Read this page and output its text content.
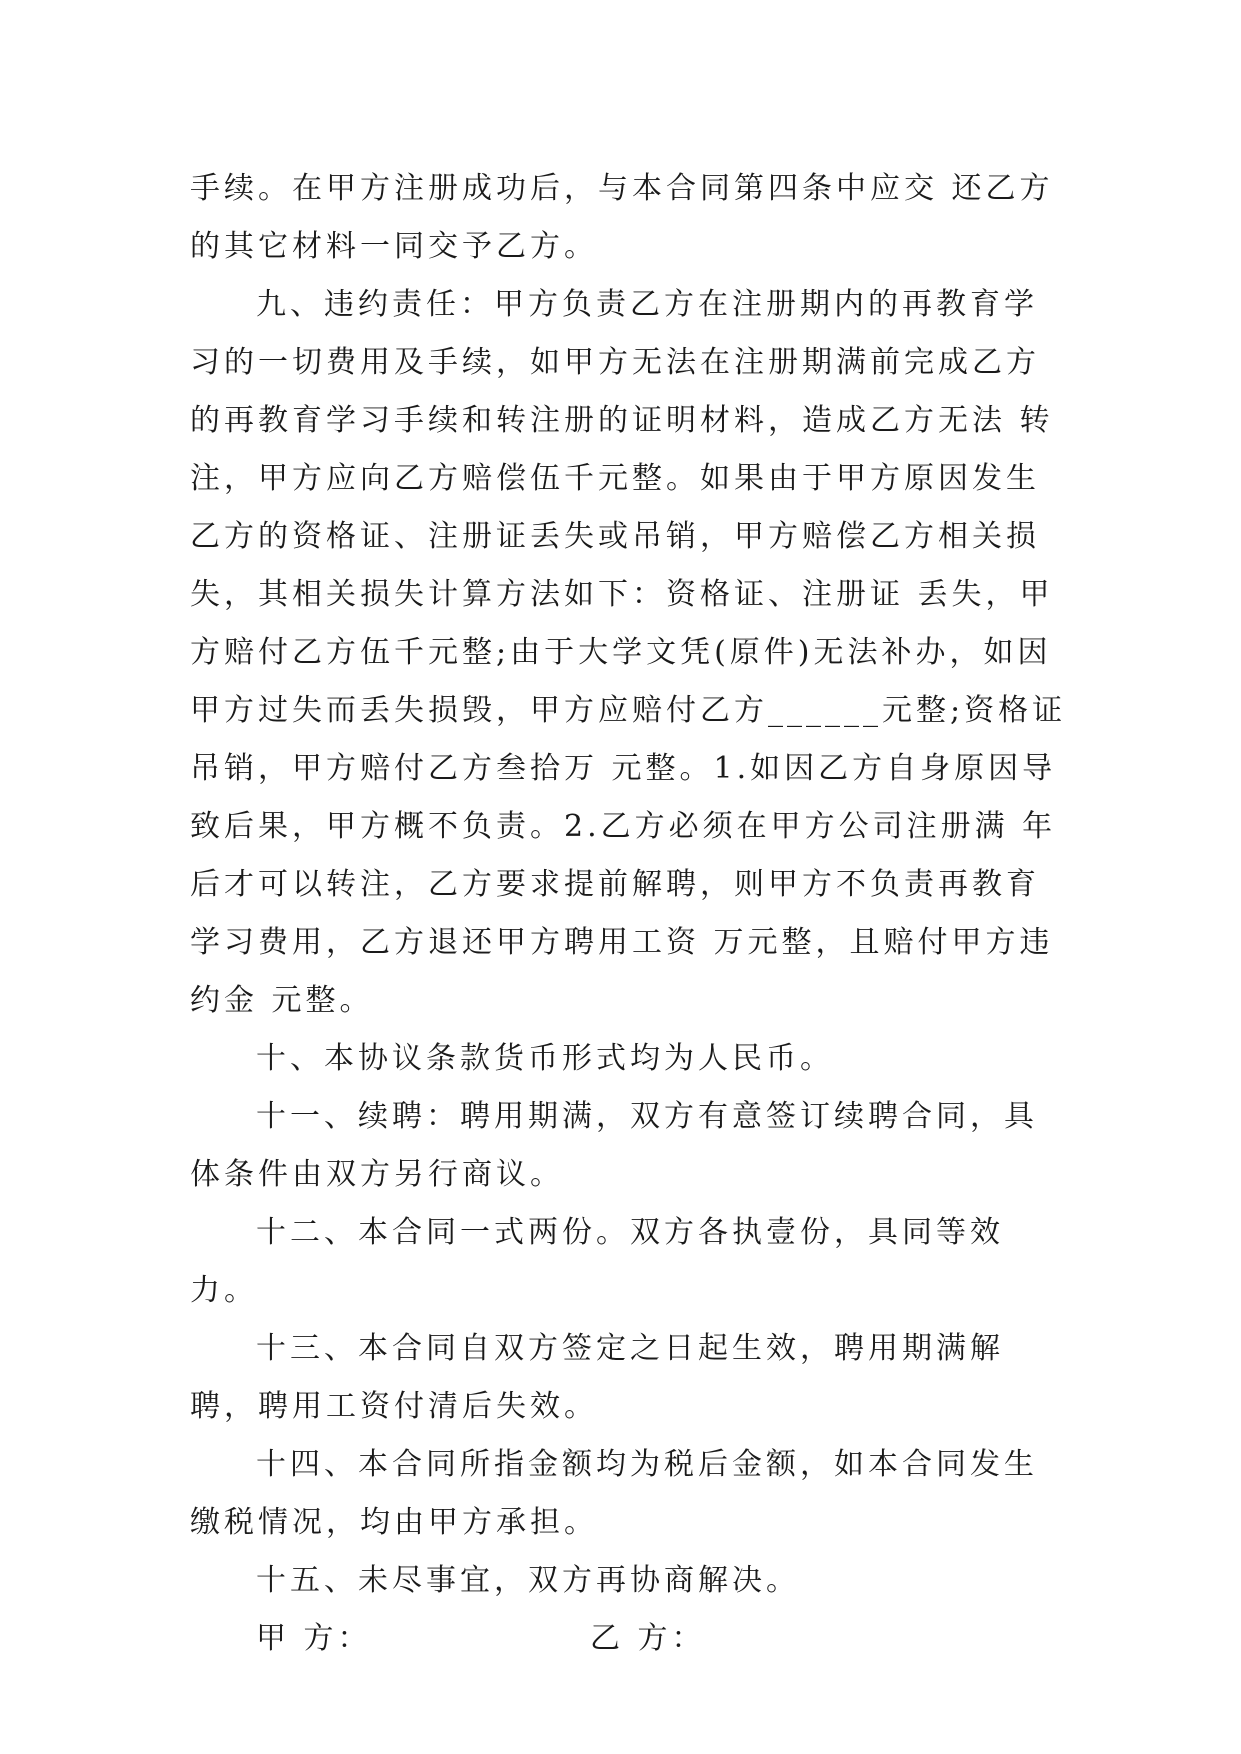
手续。在甲方注册成功后，与本合同第四条中应交 还乙方的其它材料一同交予乙方。

九、违约责任：甲方负责乙方在注册期内的再教育学习的一切费用及手续，如甲方无法在注册期满前完成乙方的再教育学习手续和转注册的证明材料，造成乙方无法 转注，甲方应向乙方赔偿伍千元整。如果由于甲方原因发生乙方的资格证、注册证丢失或吊销，甲方赔偿乙方相关损失，其相关损失计算方法如下：资格证、注册证 丢失，甲方赔付乙方伍千元整;由于大学文凭(原件)无法补办，如因甲方过失而丢失损毁，甲方应赔付乙方______元整;资格证吊销，甲方赔付乙方叁拾万 元整。1.如因乙方自身原因导致后果，甲方概不负责。2.乙方必须在甲方公司注册满 年后才可以转注，乙方要求提前解聘，则甲方不负责再教育学习费用，乙方退还甲方聘用工资 万元整，且赔付甲方违约金 元整。

十、本协议条款货币形式均为人民币。

十一、续聘：聘用期满，双方有意签订续聘合同，具体条件由双方另行商议。

十二、本合同一式两份。双方各执壹份，具同等效力。

十三、本合同自双方签定之日起生效，聘用期满解聘，聘用工资付清后失效。

十四、本合同所指金额均为税后金额，如本合同发生缴税情况，均由甲方承担。

十五、未尽事宜，双方再协商解决。

甲 方：	乙 方：
